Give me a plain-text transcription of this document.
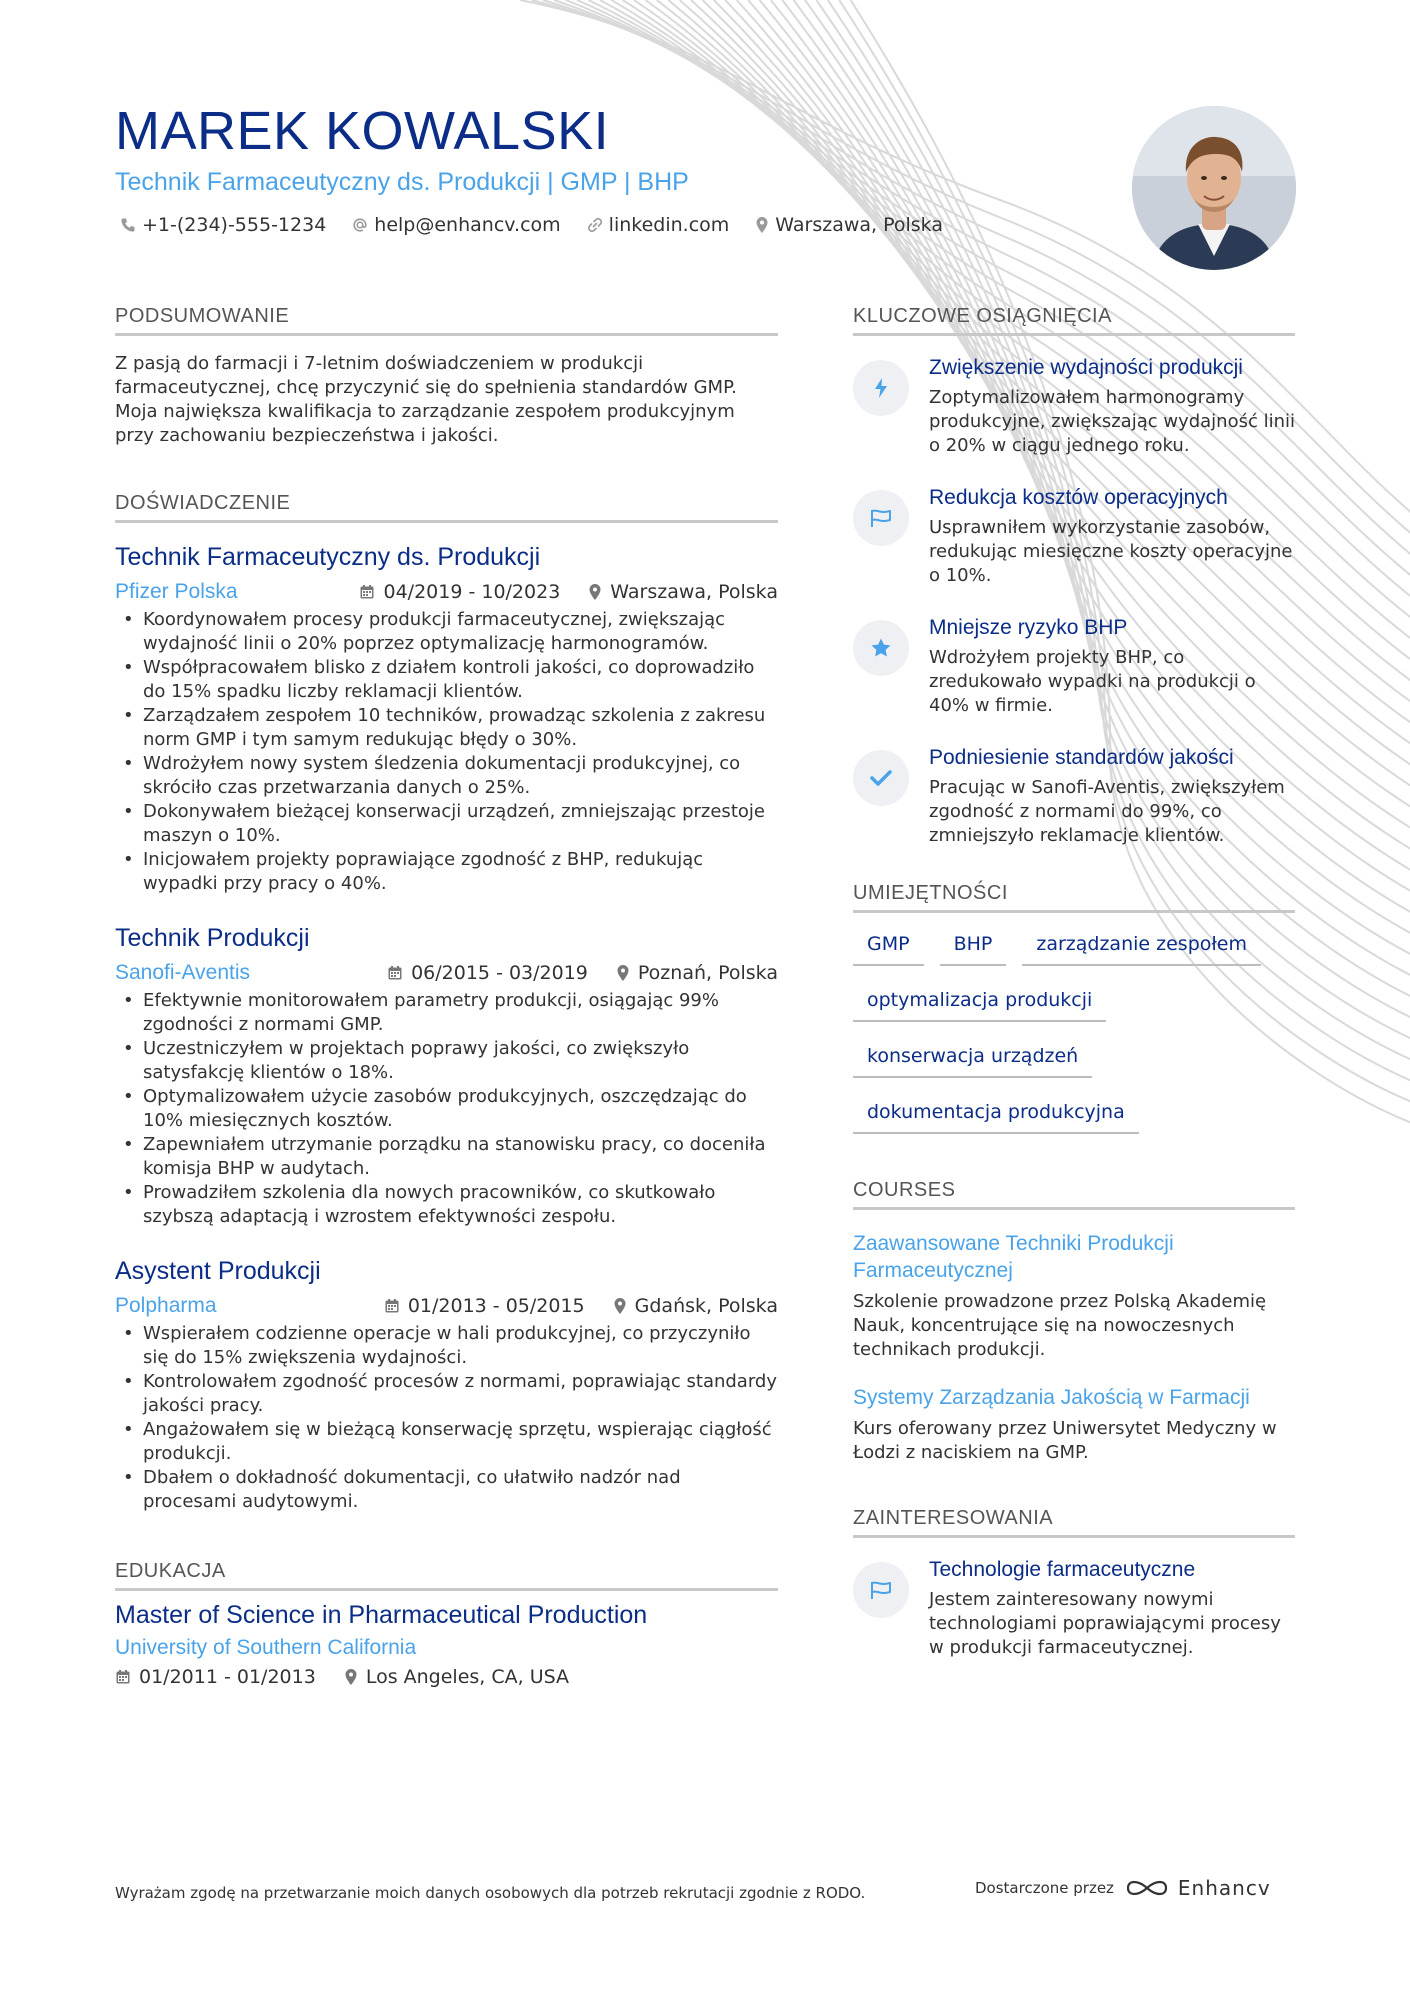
MAREK KOWALSKI
Technik Farmaceutyczny ds. Produkcji | GMP | BHP
+1-(234)-555-1234	help@enhancv.com	linkedin.com Warszawa, Polska
PODSUMOWANIE

Z pasją do farmacji i 7-letnim doświadczeniem w produkcji farmaceutycznej, chcę przyczynić się do spełnienia standardów GMP. Moja największa kwalifikacja to zarządzanie zespołem produkcyjnym przy zachowaniu bezpieczeństwa i jakości.

DOŚWIADCZENIE
Technik Farmaceutyczny ds. Produkcji
Pfizer Polska	04/2019 - 10/2023	Warszawa, Polska
• Koordynowałem procesy produkcji farmaceutycznej, zwiększając wydajność linii o 20% poprzez optymalizację harmonogramów.
• Współpracowałem blisko z działem kontroli jakości, co doprowadziło do 15% spadku liczby reklamacji klientów.
• Zarządzałem zespołem 10 techników, prowadząc szkolenia z zakresu norm GMP i tym samym redukując błędy o 30%.
• Wdrożyłem nowy system śledzenia dokumentacji produkcyjnej, co skróciło czas przetwarzania danych o 25%.
• Dokonywałem bieżącej konserwacji urządzeń, zmniejszając przestoje maszyn o 10%.
• Inicjowałem projekty poprawiające zgodność z BHP, redukując wypadki przy pracy o 40%.
Technik Produkcji
Sanofi-Aventis	06/2015 - 03/2019	Poznań, Polska
• Efektywnie monitorowałem parametry produkcji, osiągając 99% zgodności z normami GMP.
• Uczestniczyłem w projektach poprawy jakości, co zwiększyło satysfakcję klientów o 18%.
• Optymalizowałem użycie zasobów produkcyjnych, oszczędzając do 10% miesięcznych kosztów.
• Zapewniałem utrzymanie porządku na stanowisku pracy, co doceniła komisja BHP w audytach.
• Prowadziłem szkolenia dla nowych pracowników, co skutkowało szybszą adaptacją i wzrostem efektywności zespołu.
Asystent Produkcji
Polpharma	01/2013 - 05/2015	Gdańsk, Polska
• Wspierałem codzienne operacje w hali produkcyjnej, co przyczyniło się do 15% zwiększenia wydajności.
• Kontrolowałem zgodność procesów z normami, poprawiając standardy jakości pracy.
• Angażowałem się w bieżącą konserwację sprzętu, wspierając ciągłość produkcji.
• Dbałem o dokładność dokumentacji, co ułatwiło nadzór nad procesami audytowymi.
EDUKACJA
Master of Science in Pharmaceutical Production
University of Southern California
01/2011 - 01/2013	Los Angeles, CA, USA
KLUCZOWE OSIĄGNIĘCIA
Zwiększenie wydajności produkcji
Zoptymalizowałem harmonogramy produkcyjne, zwiększając wydajność linii o 20% w ciągu jednego roku.
Redukcja kosztów operacyjnych
Usprawniłem wykorzystanie zasobów, redukując miesięczne koszty operacyjne o 10%.
Mniejsze ryzyko BHP
Wdrożyłem projekty BHP, co zredukowało wypadki na produkcji o 40% w firmie.
Podniesienie standardów jakości
Pracując w Sanofi-Aventis, zwiększyłem zgodność z normami do 99%, co zmniejszyło reklamacje klientów.
UMIEJĘTNOŚCI
GMP	BHP	zarządzanie zespołem
optymalizacja produkcji
konserwacja urządzeń
dokumentacja produkcyjna
COURSES
Zaawansowane Techniki Produkcji Farmaceutycznej
Szkolenie prowadzone przez Polską Akademię Nauk, koncentrujące się na nowoczesnych technikach produkcji.
Systemy Zarządzania Jakością w Farmacji
Kurs oferowany przez Uniwersytet Medyczny w Łodzi z naciskiem na GMP.
ZAINTERESOWANIA
Technologie farmaceutyczne
Jestem zainteresowany nowymi technologiami poprawiającymi procesy w produkcji farmaceutycznej.
Wyrażam zgodę na przetwarzanie moich danych osobowych dla potrzeb rekrutacji zgodnie z RODO.	Dostarczone przez	Enhancv
